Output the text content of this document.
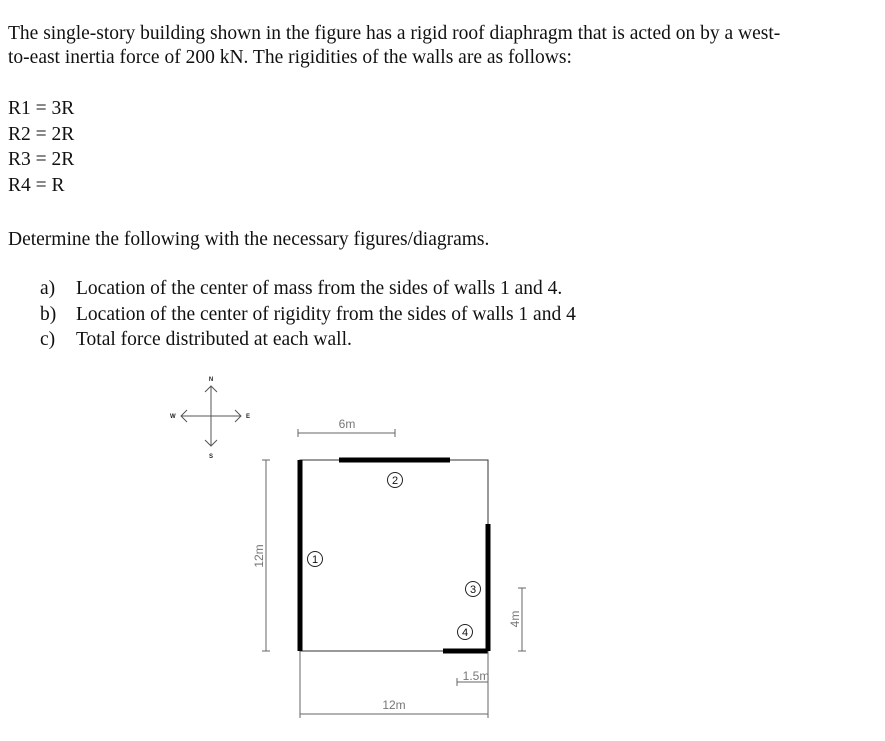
The single-story building shown in the figure has a rigid roof diaphragm that is acted on by a west-
to-east inertia force of 200 kN. The rigidities of the walls are as follows:

R1 = 3R
R2 = 2R
R3 = 2R
R4 = R

Determine the following with the necessary figures/diagrams.

a) Location of the center of mass from the sides of walls 1 and 4.
b) Location of the center of rigidity from the sides of walls 1 and 4
c) Total force distributed at each wall.
N
S
E
W
1
2
3
4
6m
12m
4m
1.5m
12m
